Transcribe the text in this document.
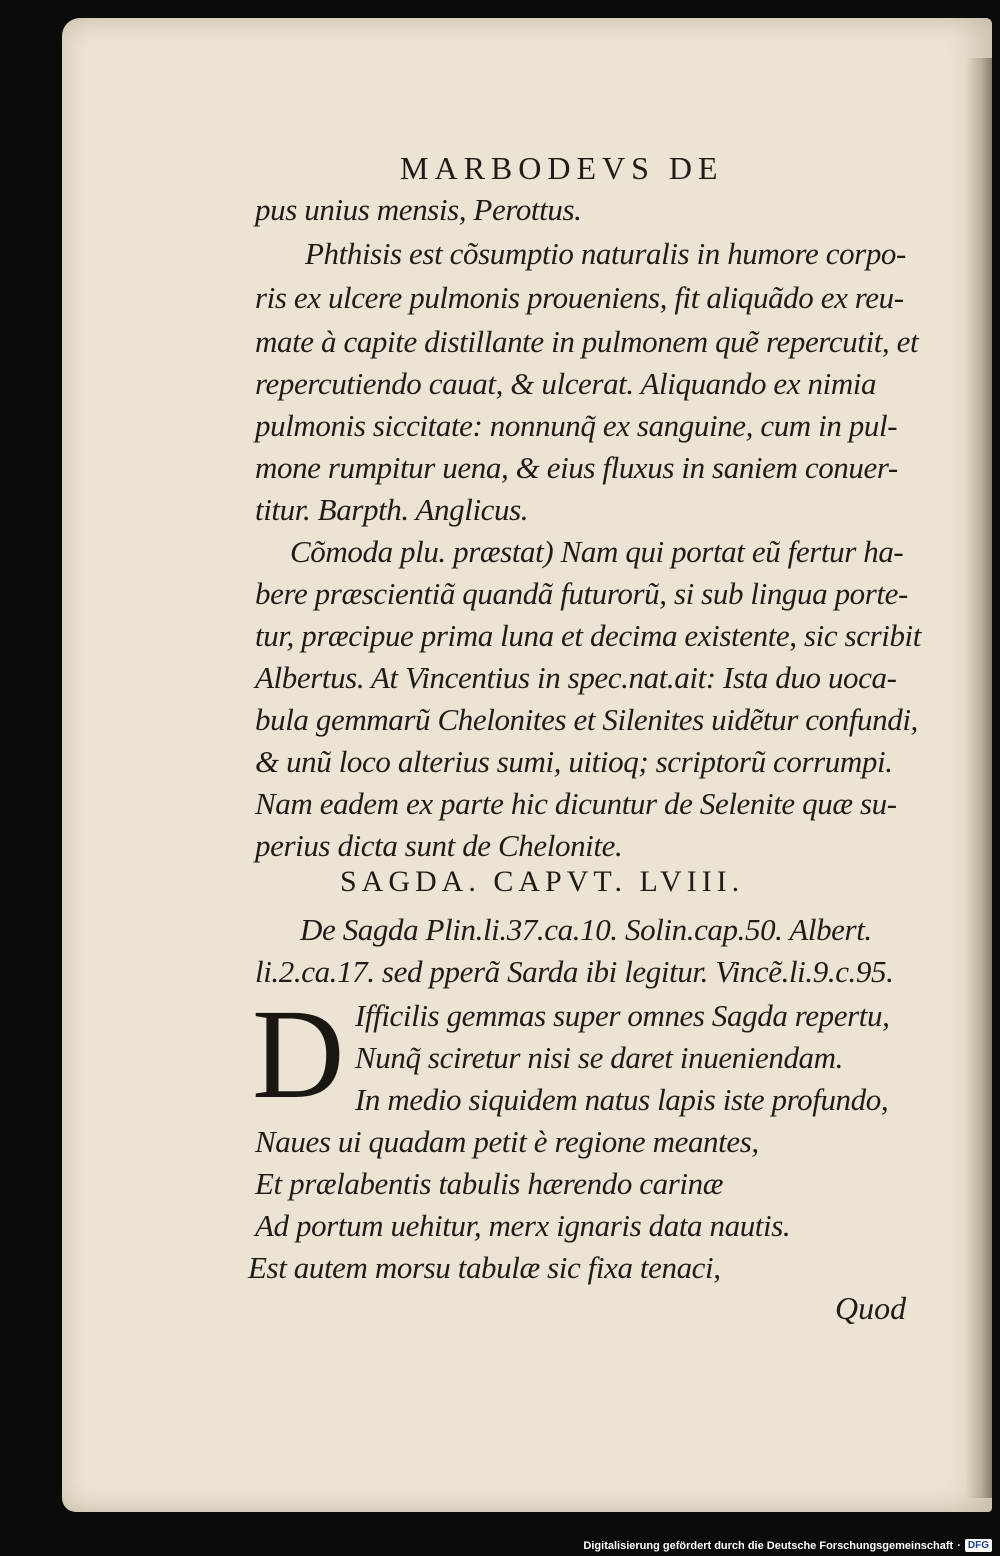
MARBODEVS DE
pus unius mensis, Perottus.
Phthisis est cõsumptio naturalis in humore corpo-
ris ex ulcere pulmonis proueniens, fit aliquãdo ex reu-
mate à capite distillante in pulmonem quẽ repercutit, et
repercutiendo cauat, & ulcerat. Aliquando ex nimia
pulmonis siccitate: nonnunq̃ ex sanguine, cum in pul-
mone rumpitur uena, & eius fluxus in saniem conuer-
titur. Barpth. Anglicus.
Cõmoda plu. præstat) Nam qui portat eũ fertur ha-
bere præscientiã quandã futurorũ, si sub lingua porte-
tur, præcipue prima luna et decima existente, sic scribit
Albertus. At Vincentius in spec.nat.ait: Ista duo uoca-
bula gemmarũ Chelonites et Silenites uidẽtur confundi,
& unũ loco alterius sumi, uitioq; scriptorũ corrumpi.
Nam eadem ex parte hic dicuntur de Selenite quæ su-
perius dicta sunt de Chelonite.
SAGDA. CAPVT. LVIII.
De Sagda Plin.li.37.ca.10. Solin.cap.50. Albert.
li.2.ca.17. sed pperã Sarda ibi legitur. Vincẽ.li.9.c.95.
D Ifficilis gemmas super omnes Sagda repertu,
Nunq̃ sciretur nisi se daret inueniendam.
In medio siquidem natus lapis iste profundo,
Naues ui quadam petit è regione meantes,
Et prælabentis tabulis hærendo carinæ
Ad portum uehitur, merx ignaris data nautis.
Est autem morsu tabulæ sic fixa tenaci,
Quod
Digitalisierung gefördert durch die Deutsche Forschungsgemeinschaft · DFG
